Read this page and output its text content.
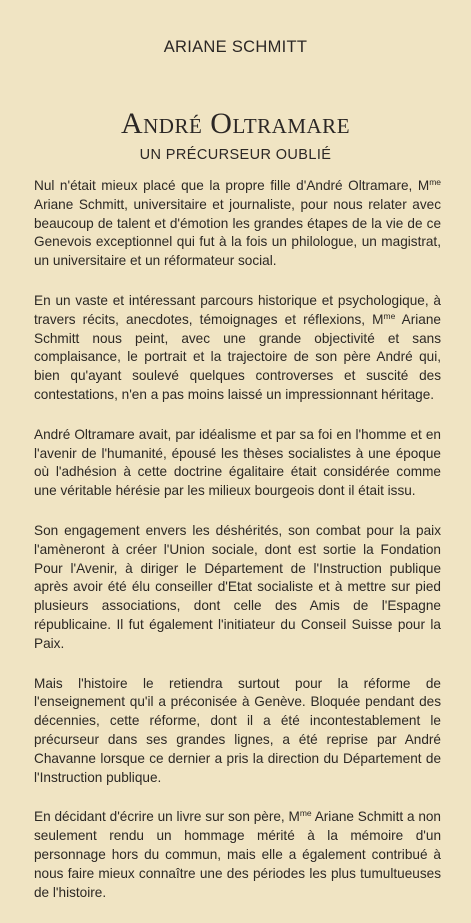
ARIANE SCHMITT
André Oltramare
UN PRÉCURSEUR OUBLIÉ

Nul n'était mieux placé que la propre fille d'André Oltramare, $M^{me}$ Ariane Schmitt, universitaire et journaliste, pour nous relater avec beaucoup de talent et d'émotion les grandes étapes de la vie de ce Genevois exceptionnel qui fut à la fois un philologue, un magistrat, un universitaire et un réformateur social.

En un vaste et intéressant parcours historique et psychologique, à travers récits, anecdotes, témoignages et réflexions, $M^{me}$ Ariane Schmitt nous peint, avec une grande objectivité et sans complaisance, le portrait et la trajectoire de son père André qui, bien qu'ayant soulevé quelques controverses et suscité des contestations, n'en a pas moins laissé un impressionnant héritage.

André Oltramare avait, par idéalisme et par sa foi en l'homme et en l'avenir de l'humanité, épousé les thèses socialistes à une époque où l'adhésion à cette doctrine égalitaire était considérée comme une véritable hérésie par les milieux bourgeois dont il était issu.

Son engagement envers les déshérités, son combat pour la paix l'amèneront à créer l'Union sociale, dont est sortie la Fondation Pour l'Avenir, à diriger le Département de l'Instruction publique après avoir été élu conseiller d'Etat socialiste et à mettre sur pied plusieurs associations, dont celle des Amis de l'Espagne républicaine. Il fut également l'initiateur du Conseil Suisse pour la Paix.

Mais l'histoire le retiendra surtout pour la réforme de l'enseignement qu'il a préconisée à Genève. Bloquée pendant des décennies, cette réforme, dont il a été incontestablement le précurseur dans ses grandes lignes, a été reprise par André Chavanne lorsque ce dernier a pris la direction du Département de l'Instruction publique.

En décidant d'écrire un livre sur son père, $M^{me}$ Ariane Schmitt a non seulement rendu un hommage mérité à la mémoire d'un personnage hors du commun, mais elle a également contribué à nous faire mieux connaître une des périodes les plus tumultueuses de l'histoire.
